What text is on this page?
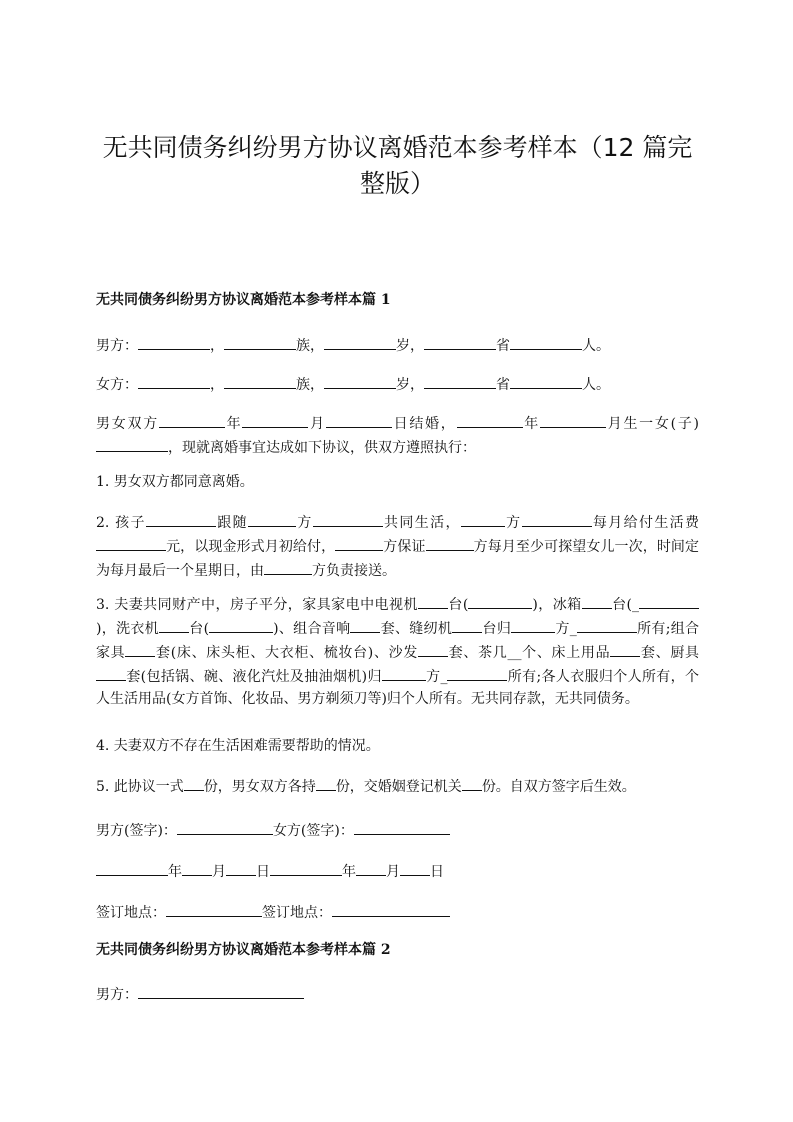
无共同债务纠纷男方协议离婚范本参考样本（12 篇完整版）
无共同债务纠纷男方协议离婚范本参考样本篇 1

男方：	，	族，	岁，	省	人。

女方：	，	族，	岁，	省	人。

男女双方	年	月	日结婚，	年	月生一女(子)，现就离婚事宜达成如下协议，供双方遵照执行：

1. 男女双方都同意离婚。

2. 孩子	跟随	方	共同生活，	方	每月给付生活费元，以现金形式月初给付，	方保证	方每月至少可探望女儿一次，时间定为每月最后一个星期日，由	方负责接送。

3. 夫妻共同财产中，房子平分，家具家电中电视机 台(	)，冰箱 台(_)，洗衣机 台(	)、组合音响 套、缝纫机 台归	方_	所有;组合家具 套(床、床头柜、大衣柜、梳妆台)、沙发 套、茶几__个、床上用品 套、厨具套(包括锅、碗、液化汽灶及抽油烟机)归	方_	所有;各人衣服归个人所有，个人生活用品(女方首饰、化妆品、男方剃须刀等)归个人所有。无共同存款，无共同债务。

4. 夫妻双方不存在生活困难需要帮助的情况。

5. 此协议一式 份，男女双方各持 份，交婚姻登记机关 份。自双方签字后生效。

男方(签字)：	女方(签字)：

年 月 日	年 月 日

签订地点：	签订地点：

无共同债务纠纷男方协议离婚范本参考样本篇 2

男方：
